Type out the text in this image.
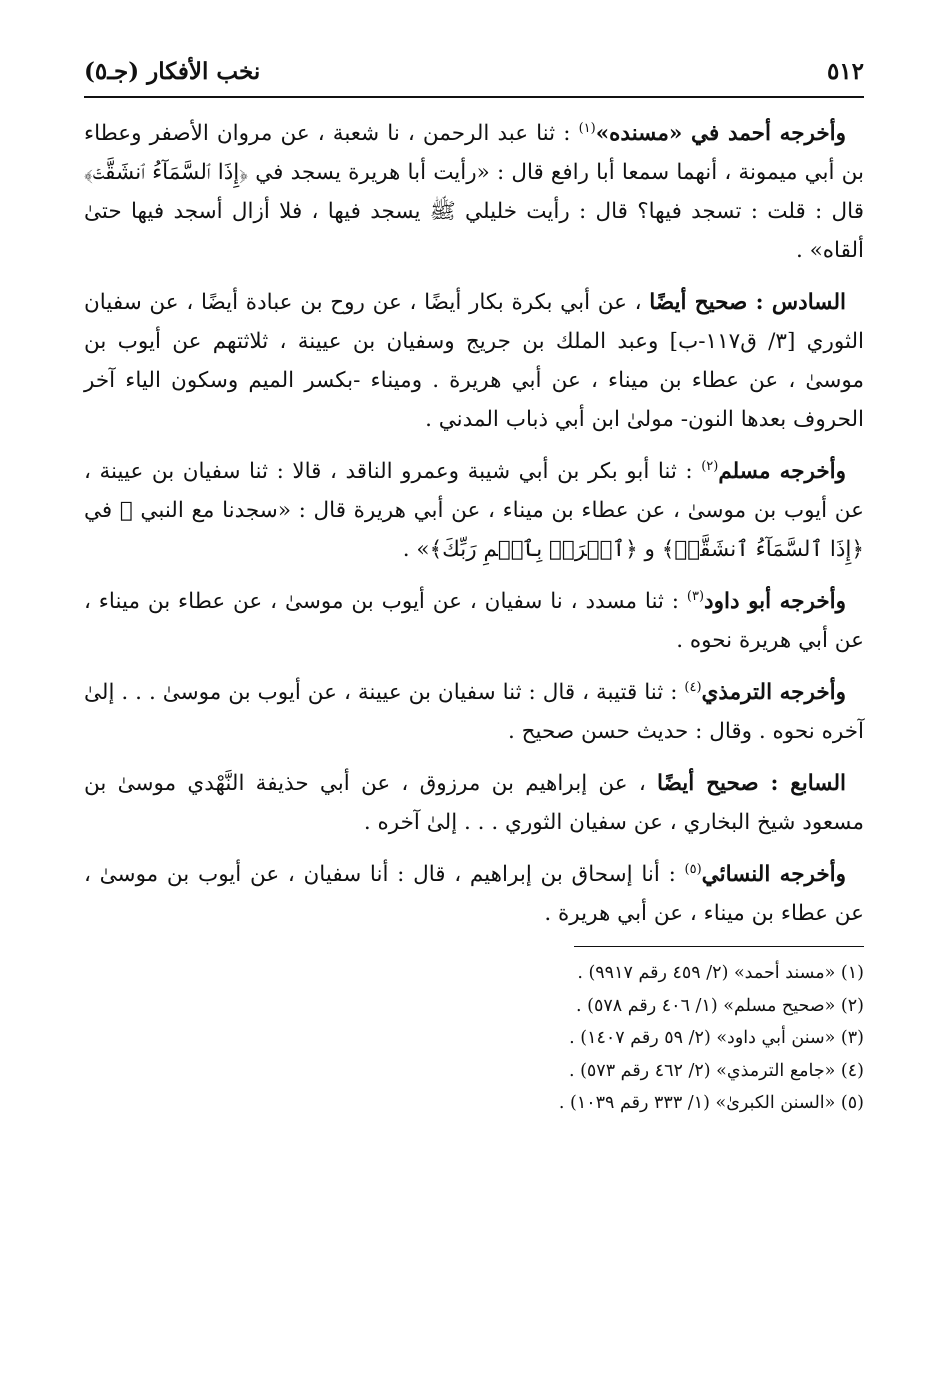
٥١٢
نخب الأفكار (جـ٥)

وأخرجه أحمد في «مسنده»$^{(١)}$ : ثنا عبد الرحمن ، نا شعبة ، عن مروان الأصفر وعطاء بن أبي ميمونة ، أنهما سمعا أبا رافع قال : «رأيت أبا هريرة يسجد في ﴿إِذَا ٱلسَّمَآءُ ٱنشَقَّتۡ﴾ قال : قلت : تسجد فيها؟ قال : رأيت خليلي ﷺ يسجد فيها ، فلا أزال أسجد فيها حتىٰ ألقاه» .

السادس : صحيح أيضًا ، عن أبي بكرة بكار أيضًا ، عن روح بن عبادة أيضًا ، عن سفيان الثوري [٣/ ق١١٧-ب] وعبد الملك بن جريج وسفيان بن عيينة ، ثلاثتهم عن أيوب بن موسىٰ ، عن عطاء بن ميناء ، عن أبي هريرة . وميناء -بكسر الميم وسكون الياء آخر الحروف بعدها النون- مولىٰ ابن أبي ذباب المدني .

وأخرجه مسلم$^{(٢)}$ : ثنا أبو بكر بن أبي شيبة وعمرو الناقد ، قالا : ثنا سفيان بن عيينة ، عن أيوب بن موسىٰ ، عن عطاء بن ميناء ، عن أبي هريرة قال : «سجدنا مع النبي ﷺ في ﴿إِذَا ٱلسَّمَآءُ ٱنشَقَّتۡ﴾ و ﴿ٱقۡرَأۡ بِٱسۡمِ رَبِّكَ﴾» .

وأخرجه أبو داود$^{(٣)}$ : ثنا مسدد ، نا سفيان ، عن أيوب بن موسىٰ ، عن عطاء بن ميناء ، عن أبي هريرة نحوه .

وأخرجه الترمذي$^{(٤)}$ : ثنا قتيبة ، قال : ثنا سفيان بن عيينة ، عن أيوب بن موسىٰ . . . إلىٰ آخره نحوه . وقال : حديث حسن صحيح .

السابع : صحيح أيضًا ، عن إبراهيم بن مرزوق ، عن أبي حذيفة النَّهْدي موسىٰ بن مسعود شيخ البخاري ، عن سفيان الثوري . . . إلىٰ آخره .

وأخرجه النسائي$^{(٥)}$ : أنا إسحاق بن إبراهيم ، قال : أنا سفيان ، عن أيوب بن موسىٰ ، عن عطاء بن ميناء ، عن أبي هريرة .

(١) «مسند أحمد» (٢/ ٤٥٩ رقم ٩٩١٧) .

(٢) «صحيح مسلم» (١/ ٤٠٦ رقم ٥٧٨) .

(٣) «سنن أبي داود» (٢/ ٥٩ رقم ١٤٠٧) .

(٤) «جامع الترمذي» (٢/ ٤٦٢ رقم ٥٧٣) .

(٥) «السنن الكبرىٰ» (١/ ٣٣٣ رقم ١٠٣٩) .
